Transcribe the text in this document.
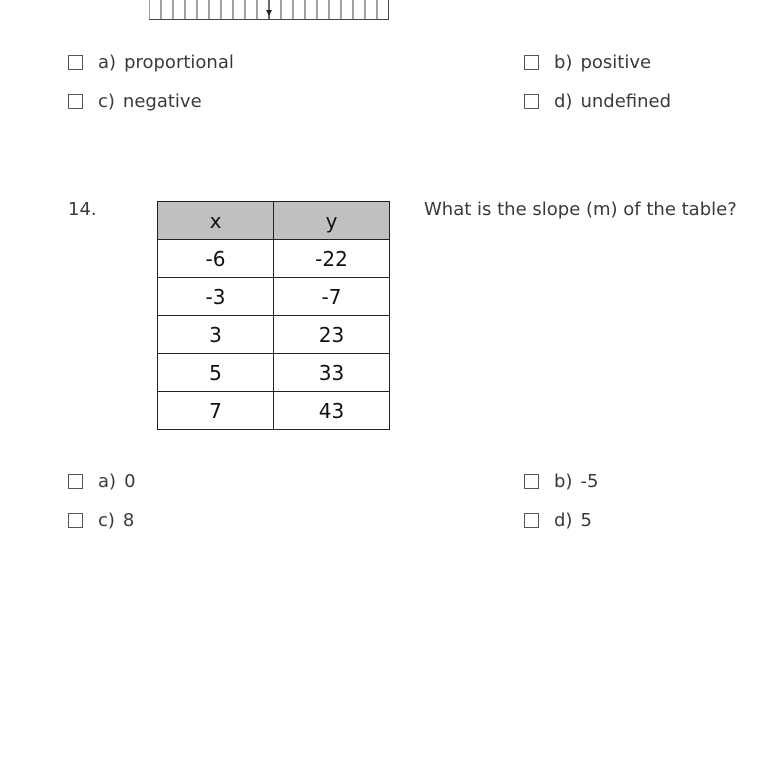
a) proportional	b) positive
c) negative	d) undefined
14.	x	y
-6	-22
-3	-7
3	23
5	33
7	43
What is the slope (m) of the table?
a) 0	b) -5
c) 8	d) 5
